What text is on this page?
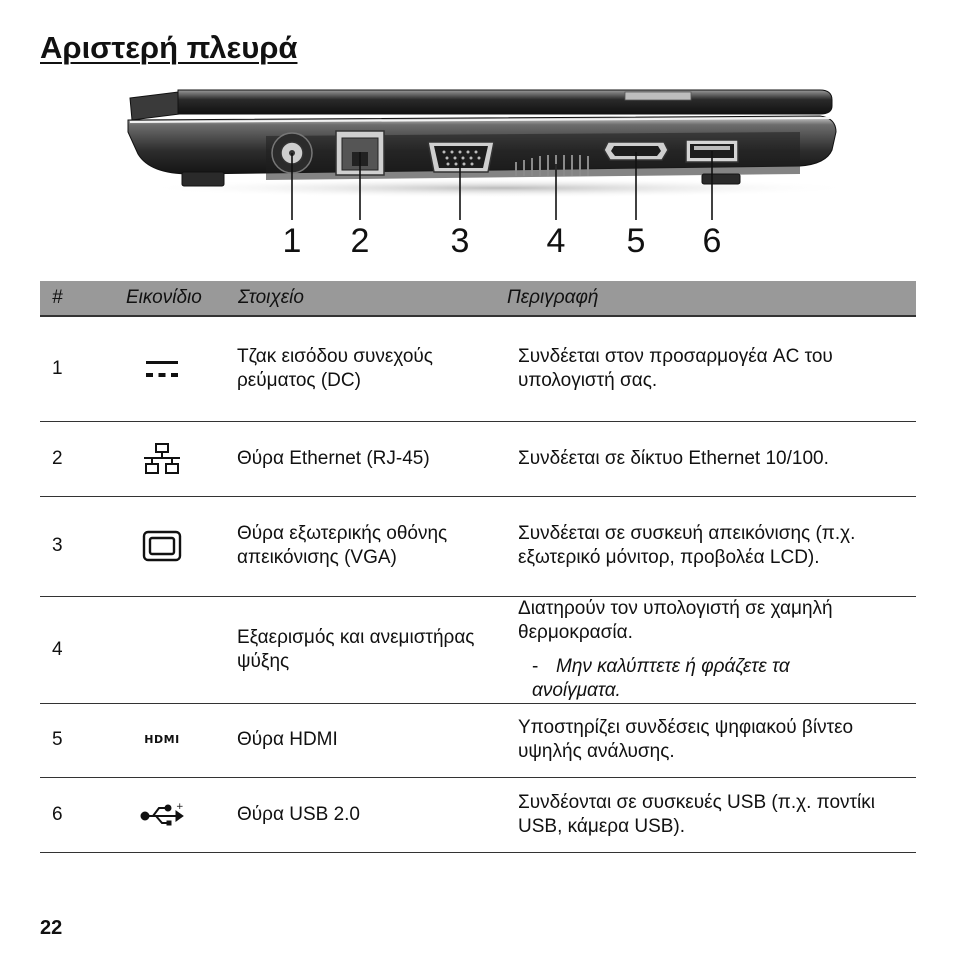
Αριστερή πλευρά
1 2 3 4 5 6
#	Εικονίδιο	Στοιχείο	Περιγραφή
1		Τζακ εισόδου συνεχούς ρεύματος (DC)	Συνδέεται στον προσαρμογέα AC του υπολογιστή σας.
2		Θύρα Ethernet (RJ-45)	Συνδέεται σε δίκτυο Ethernet 10/100.
3		Θύρα εξωτερικής οθόνης απεικόνισης (VGA)	Συνδέεται σε συσκευή απεικόνισης (π.χ. εξωτερικό μόνιτορ, προβολέα LCD).
4		Εξαερισμός και ανεμιστήρας ψύξης	Διατηρούν τον υπολογιστή σε χαμηλή θερμοκρασία.
- Μην καλύπτετε ή φράζετε τα ανοίγματα.

5	HDMI	Θύρα HDMI	Υποστηρίζει συνδέσεις ψηφιακού βίντεο υψηλής ανάλυσης.
6	+	Θύρα USB 2.0	Συνδέονται σε συσκευές USB (π.χ. ποντίκι USB, κάμερα USB).
22
